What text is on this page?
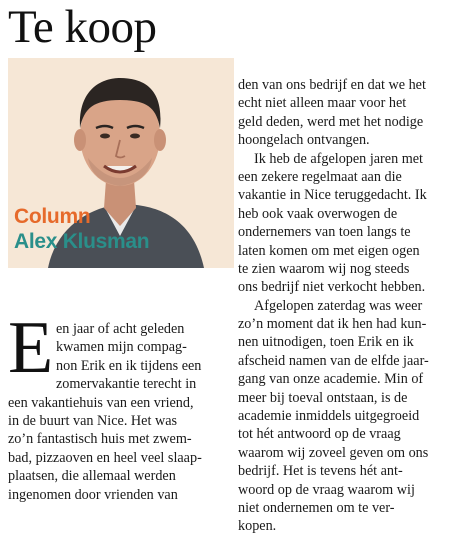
Te koop
Column
Alex Klusman
E en jaar of acht geleden
kwamen mijn compag-
non Erik en ik tijdens een
zomervakantie terecht in
een vakantiehuis van een vriend,
in de buurt van Nice. Het was
zo’n fantastisch huis met zwem-
bad, pizzaoven en heel veel slaap-
plaatsen, die allemaal werden
ingenomen door vrienden van
den van ons bedrijf en dat we het
echt niet alleen maar voor het
geld deden, werd met het nodige
hoongelach ontvangen.
Ik heb de afgelopen jaren met
een zekere regelmaat aan die
vakantie in Nice teruggedacht. Ik
heb ook vaak overwogen de
ondernemers van toen langs te
laten komen om met eigen ogen
te zien waarom wij nog steeds
ons bedrijf niet verkocht hebben.
Afgelopen zaterdag was weer
zo’n moment dat ik hen had kun-
nen uitnodigen, toen Erik en ik
afscheid namen van de elfde jaar-
gang van onze academie. Min of
meer bij toeval ontstaan, is de
academie inmiddels uitgegroeid
tot hét antwoord op de vraag
waarom wij zoveel geven om ons
bedrijf. Het is tevens hét ant-
woord op de vraag waarom wij
niet ondernemen om te ver-
kopen.
